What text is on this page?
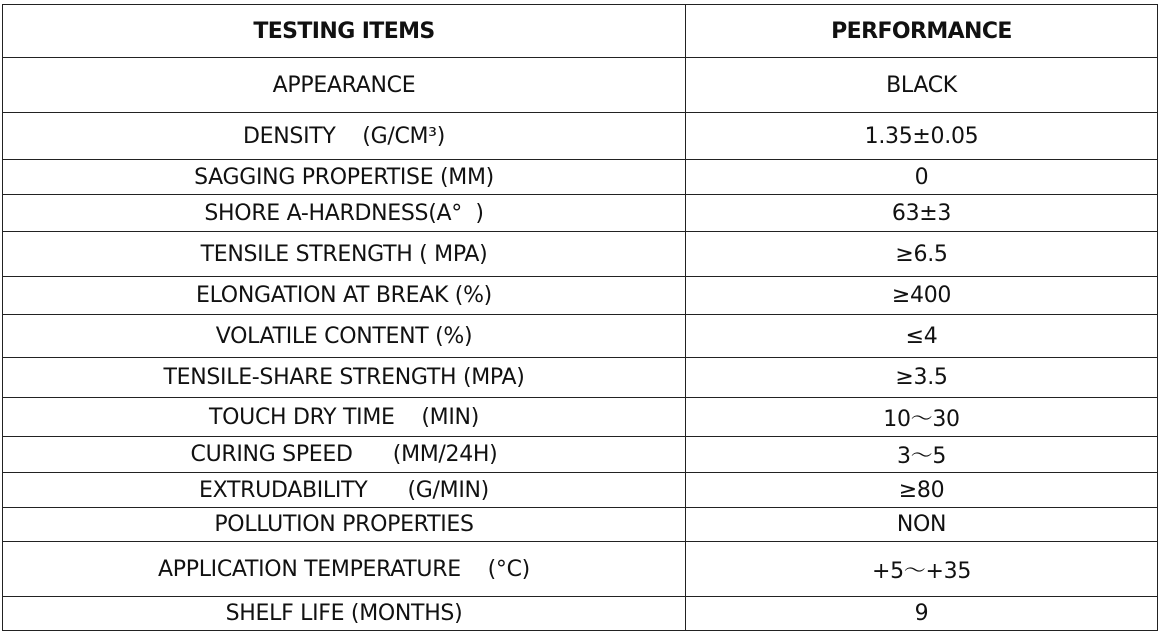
TESTING ITEMS	PERFORMANCE
APPEARANCE	BLACK
DENSITY    (G/CM³)	1.35±0.05
SAGGING PROPERTISE (MM)	0
SHORE A-HARDNESS(A°  )	63±3
TENSILE STRENGTH ( MPA)	≥6.5
ELONGATION AT BREAK (%)	≥400
VOLATILE CONTENT (%)	≤4
TENSILE-SHARE STRENGTH (MPA)	≥3.5
TOUCH DRY TIME    (MIN)	10～30
CURING SPEED      (MM/24H)	3～5
EXTRUDABILITY      (G/MIN)	≥80
POLLUTION PROPERTIES	NON
APPLICATION TEMPERATURE    (°C)	+5～+35
SHELF LIFE (MONTHS)	9
